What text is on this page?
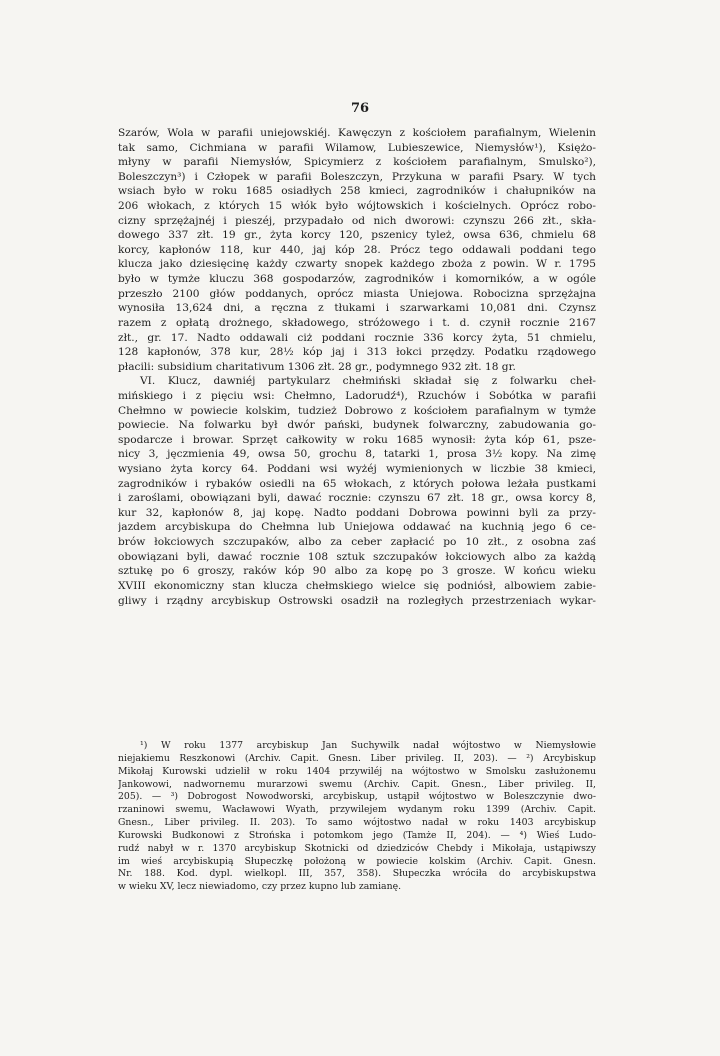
76
Szarów, Wola w parafii uniejowskiéj. Kawęczyn z kościołem parafialnym, Wielenin
tak samo, Cichmiana w parafii Wilamow, Lubieszewice, Niemysłów¹), Księżo-
młyny w parafii Niemysłów, Spicymierz z kościołem parafialnym, Smulsko²),
Boleszczyn³) i Człopek w parafii Boleszczyn, Przykuna w parafii Psary. W tych
wsiach było w roku 1685 osiadłych 258 kmieci, zagrodników i chałupników na
206 włokach, z których 15 włók było wójtowskich i kościelnych. Oprócz robo-
cizny sprzężajnéj i pieszéj, przypadało od nich dworowi: czynszu 266 złt., skła-
dowego 337 złt. 19 gr., żyta korcy 120, pszenicy tyleż, owsa 636, chmielu 68
korcy, kapłonów 118, kur 440, jaj kóp 28. Prócz tego oddawali poddani tego
klucza jako dziesięcinę każdy czwarty snopek każdego zboża z powin. W r. 1795
było w tymże kluczu 368 gospodarzów, zagrodników i komorników, a w ogóle
przeszło 2100 głów poddanych, oprócz miasta Uniejowa. Robocizna sprzężajna
wynosiła 13,624 dni, a ręczna z tłukami i szarwarkami 10,081 dni. Czynsz
razem z opłatą drożnego, składowego, stróżowego i t. d. czynił rocznie 2167
złt., gr. 17. Nadto oddawali ciż poddani rocznie 336 korcy żyta, 51 chmielu,
128 kapłonów, 378 kur, 28½ kóp jaj i 313 łokci przędzy. Podatku rządowego
płacili: subsidium charitativum 1306 złt. 28 gr., podymnego 932 złt. 18 gr.
VI. Klucz, dawniéj partykularz chełmiński składał się z folwarku cheł-
mińskiego i z pięciu wsi: Chełmno, Ladorudź⁴), Rzuchów i Sobótka w parafii
Chełmno w powiecie kolskim, tudzież Dobrowo z kościołem parafialnym w tymże
powiecie. Na folwarku był dwór pański, budynek folwarczny, zabudowania go-
spodarcze i browar. Sprzęt całkowity w roku 1685 wynosił: żyta kóp 61, psze-
nicy 3, jęczmienia 49, owsa 50, grochu 8, tatarki 1, prosa 3½ kopy. Na zimę
wysiano żyta korcy 64. Poddani wsi wyżéj wymienionych w liczbie 38 kmieci,
zagrodników i rybaków osiedli na 65 włokach, z których połowa leżała pustkami
i zaroślami, obowiązani byli, dawać rocznie: czynszu 67 złt. 18 gr., owsa korcy 8,
kur 32, kapłonów 8, jaj kopę. Nadto poddani Dobrowa powinni byli za przy-
jazdem arcybiskupa do Chełmna lub Uniejowa oddawać na kuchnią jego 6 ce-
brów łokciowych szczupaków, albo za ceber zapłacić po 10 złt., z osobna zaś
obowiązani byli, dawać rocznie 108 sztuk szczupaków łokciowych albo za każdą
sztukę po 6 groszy, raków kóp 90 albo za kopę po 3 grosze. W końcu wieku
XVIII ekonomiczny stan klucza chełmskiego wielce się podniósł, albowiem zabie-
gliwy i rządny arcybiskup Ostrowski osadził na rozległych przestrzeniach wykar-
¹) W roku 1377 arcybiskup Jan Suchywilk nadał wójtostwo w Niemysłowie
niejakiemu Reszkonowi (Archiv. Capit. Gnesn. Liber privileg. II, 203). — ²) Arcybiskup
Mikołaj Kurowski udzielił w roku 1404 przywiléj na wójtostwo w Smolsku zasłużonemu
Jankowowi, nadwornemu murarzowi swemu (Archiv. Capit. Gnesn., Liber privileg. II,
205). — ³) Dobrogost Nowodworski, arcybiskup, ustąpił wójtostwo w Boleszczynie dwo-
rzaninowi swemu, Wacławowi Wyath, przywilejem wydanym roku 1399 (Archiv. Capit.
Gnesn., Liber privileg. II. 203). To samo wójtostwo nadał w roku 1403 arcybiskup
Kurowski Budkonowi z Strońska i potomkom jego (Tamże II, 204). — ⁴) Wieś Ludo-
rudź nabył w r. 1370 arcybiskup Skotnicki od dziedziców Chebdy i Mikołaja, ustąpiwszy
im wieś arcybiskupią Słupeczkę położoną w powiecie kolskim (Archiv. Capit. Gnesn.
Nr. 188. Kod. dypl. wielkopl. III, 357, 358). Słupeczka wróciła do arcybiskupstwa
w wieku XV, lecz niewiadomo, czy przez kupno lub zamianę.
